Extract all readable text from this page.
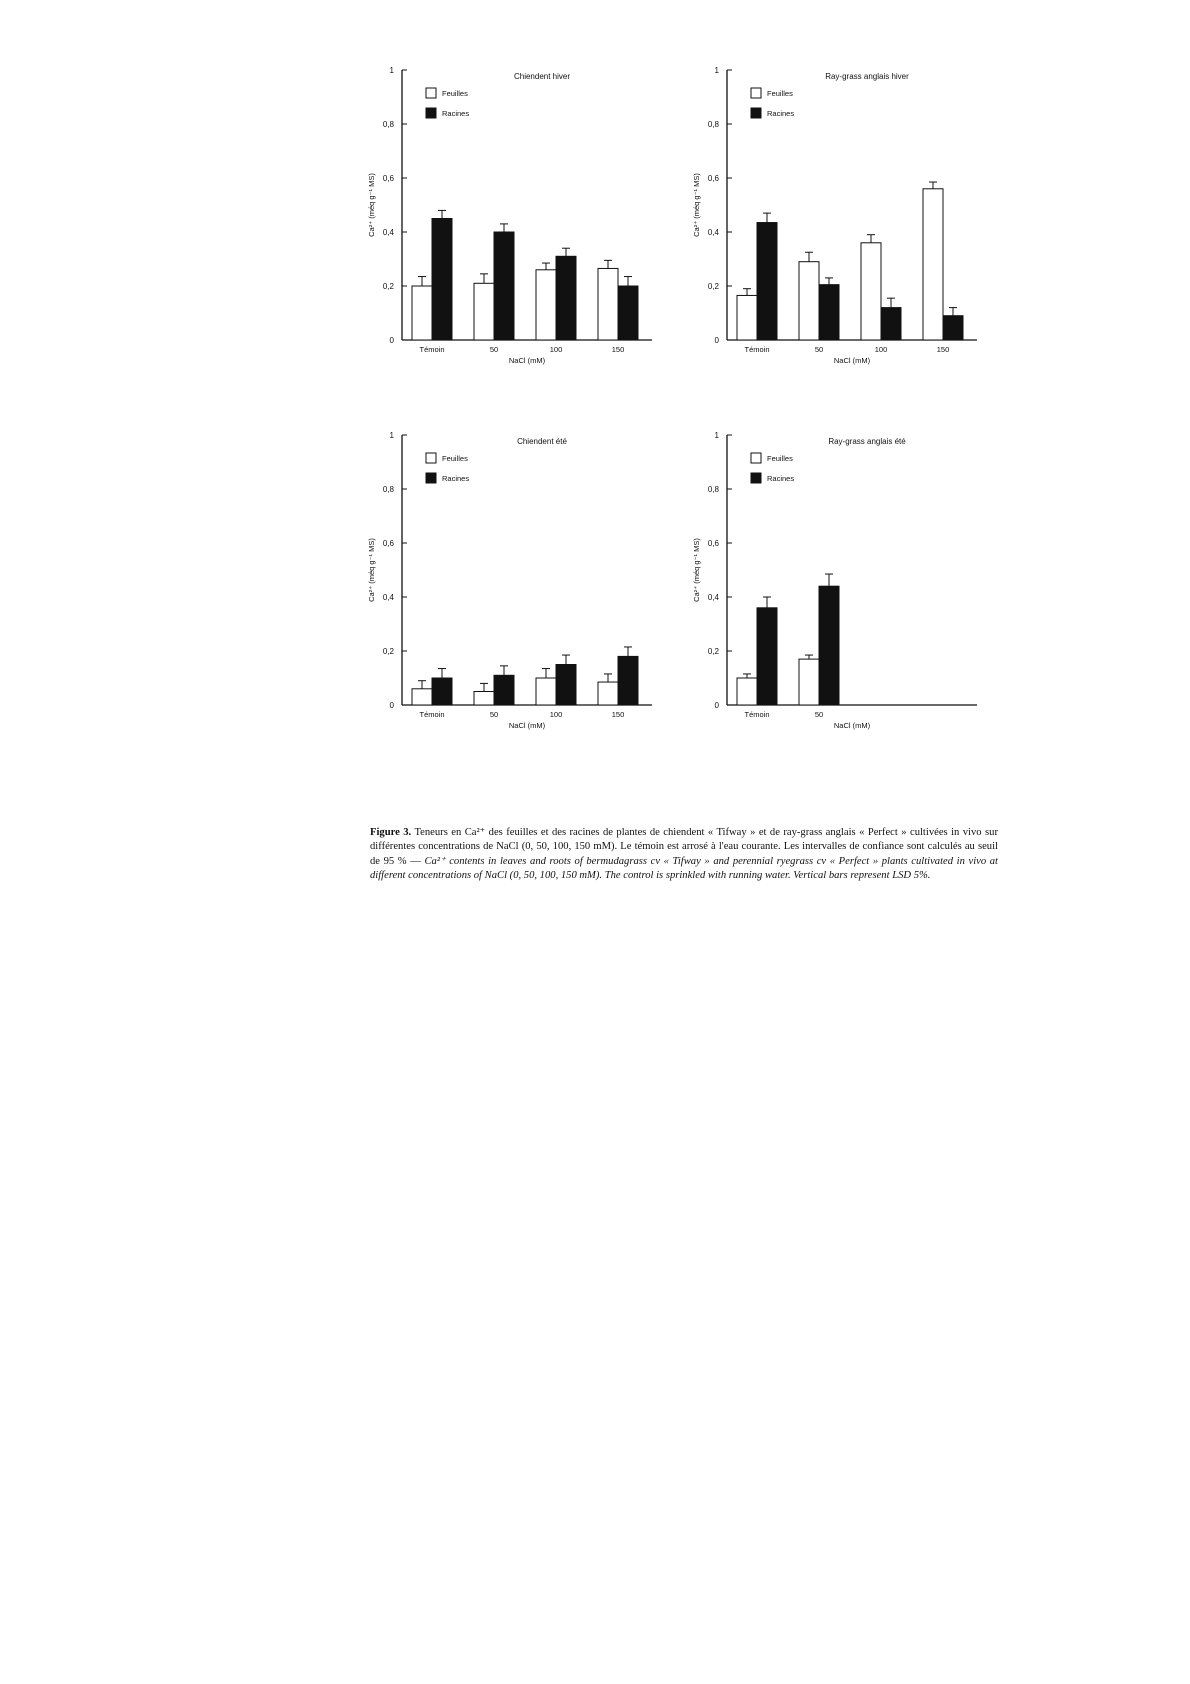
0
0,2
0,4
0,6
0,8
1
Ca²⁺ (méq g⁻¹ MS)
Chiendent hiver
Feuilles
Racines
Témoin	50	100	150
NaCl (mM)
0
0,2
0,4
0,6
0,8
1
Ca²⁺ (méq g⁻¹ MS)
Ray-grass anglais hiver
Feuilles
Racines
Témoin	50	100	150
NaCl (mM)
0
0,2
0,4
0,6
0,8
1
Ca²⁺ (méq g⁻¹ MS)
Chiendent été
Feuilles
Racines
Témoin	50	100	150
NaCl (mM)
0
0,2
0,4
0,6
0,8
1
Ca²⁺ (méq g⁻¹ MS)
Ray-grass anglais été
Feuilles
Racines
Témoin	50
NaCl (mM)
Figure 3. Teneurs en Ca²⁺ des feuilles et des racines de plantes de chiendent « Tifway » et de ray-grass anglais « Perfect » cultivées in vivo sur différentes concentrations de NaCl (0, 50, 100, 150 mM). Le témoin est arrosé à l'eau courante. Les intervalles de confiance sont calculés au seuil de 95 % — Ca²⁺ contents in leaves and roots of bermudagrass cv « Tifway » and perennial ryegrass cv « Perfect » plants cultivated in vivo at different concentrations of NaCl (0, 50, 100, 150 mM). The control is sprinkled with running water. Vertical bars represent LSD 5%.
